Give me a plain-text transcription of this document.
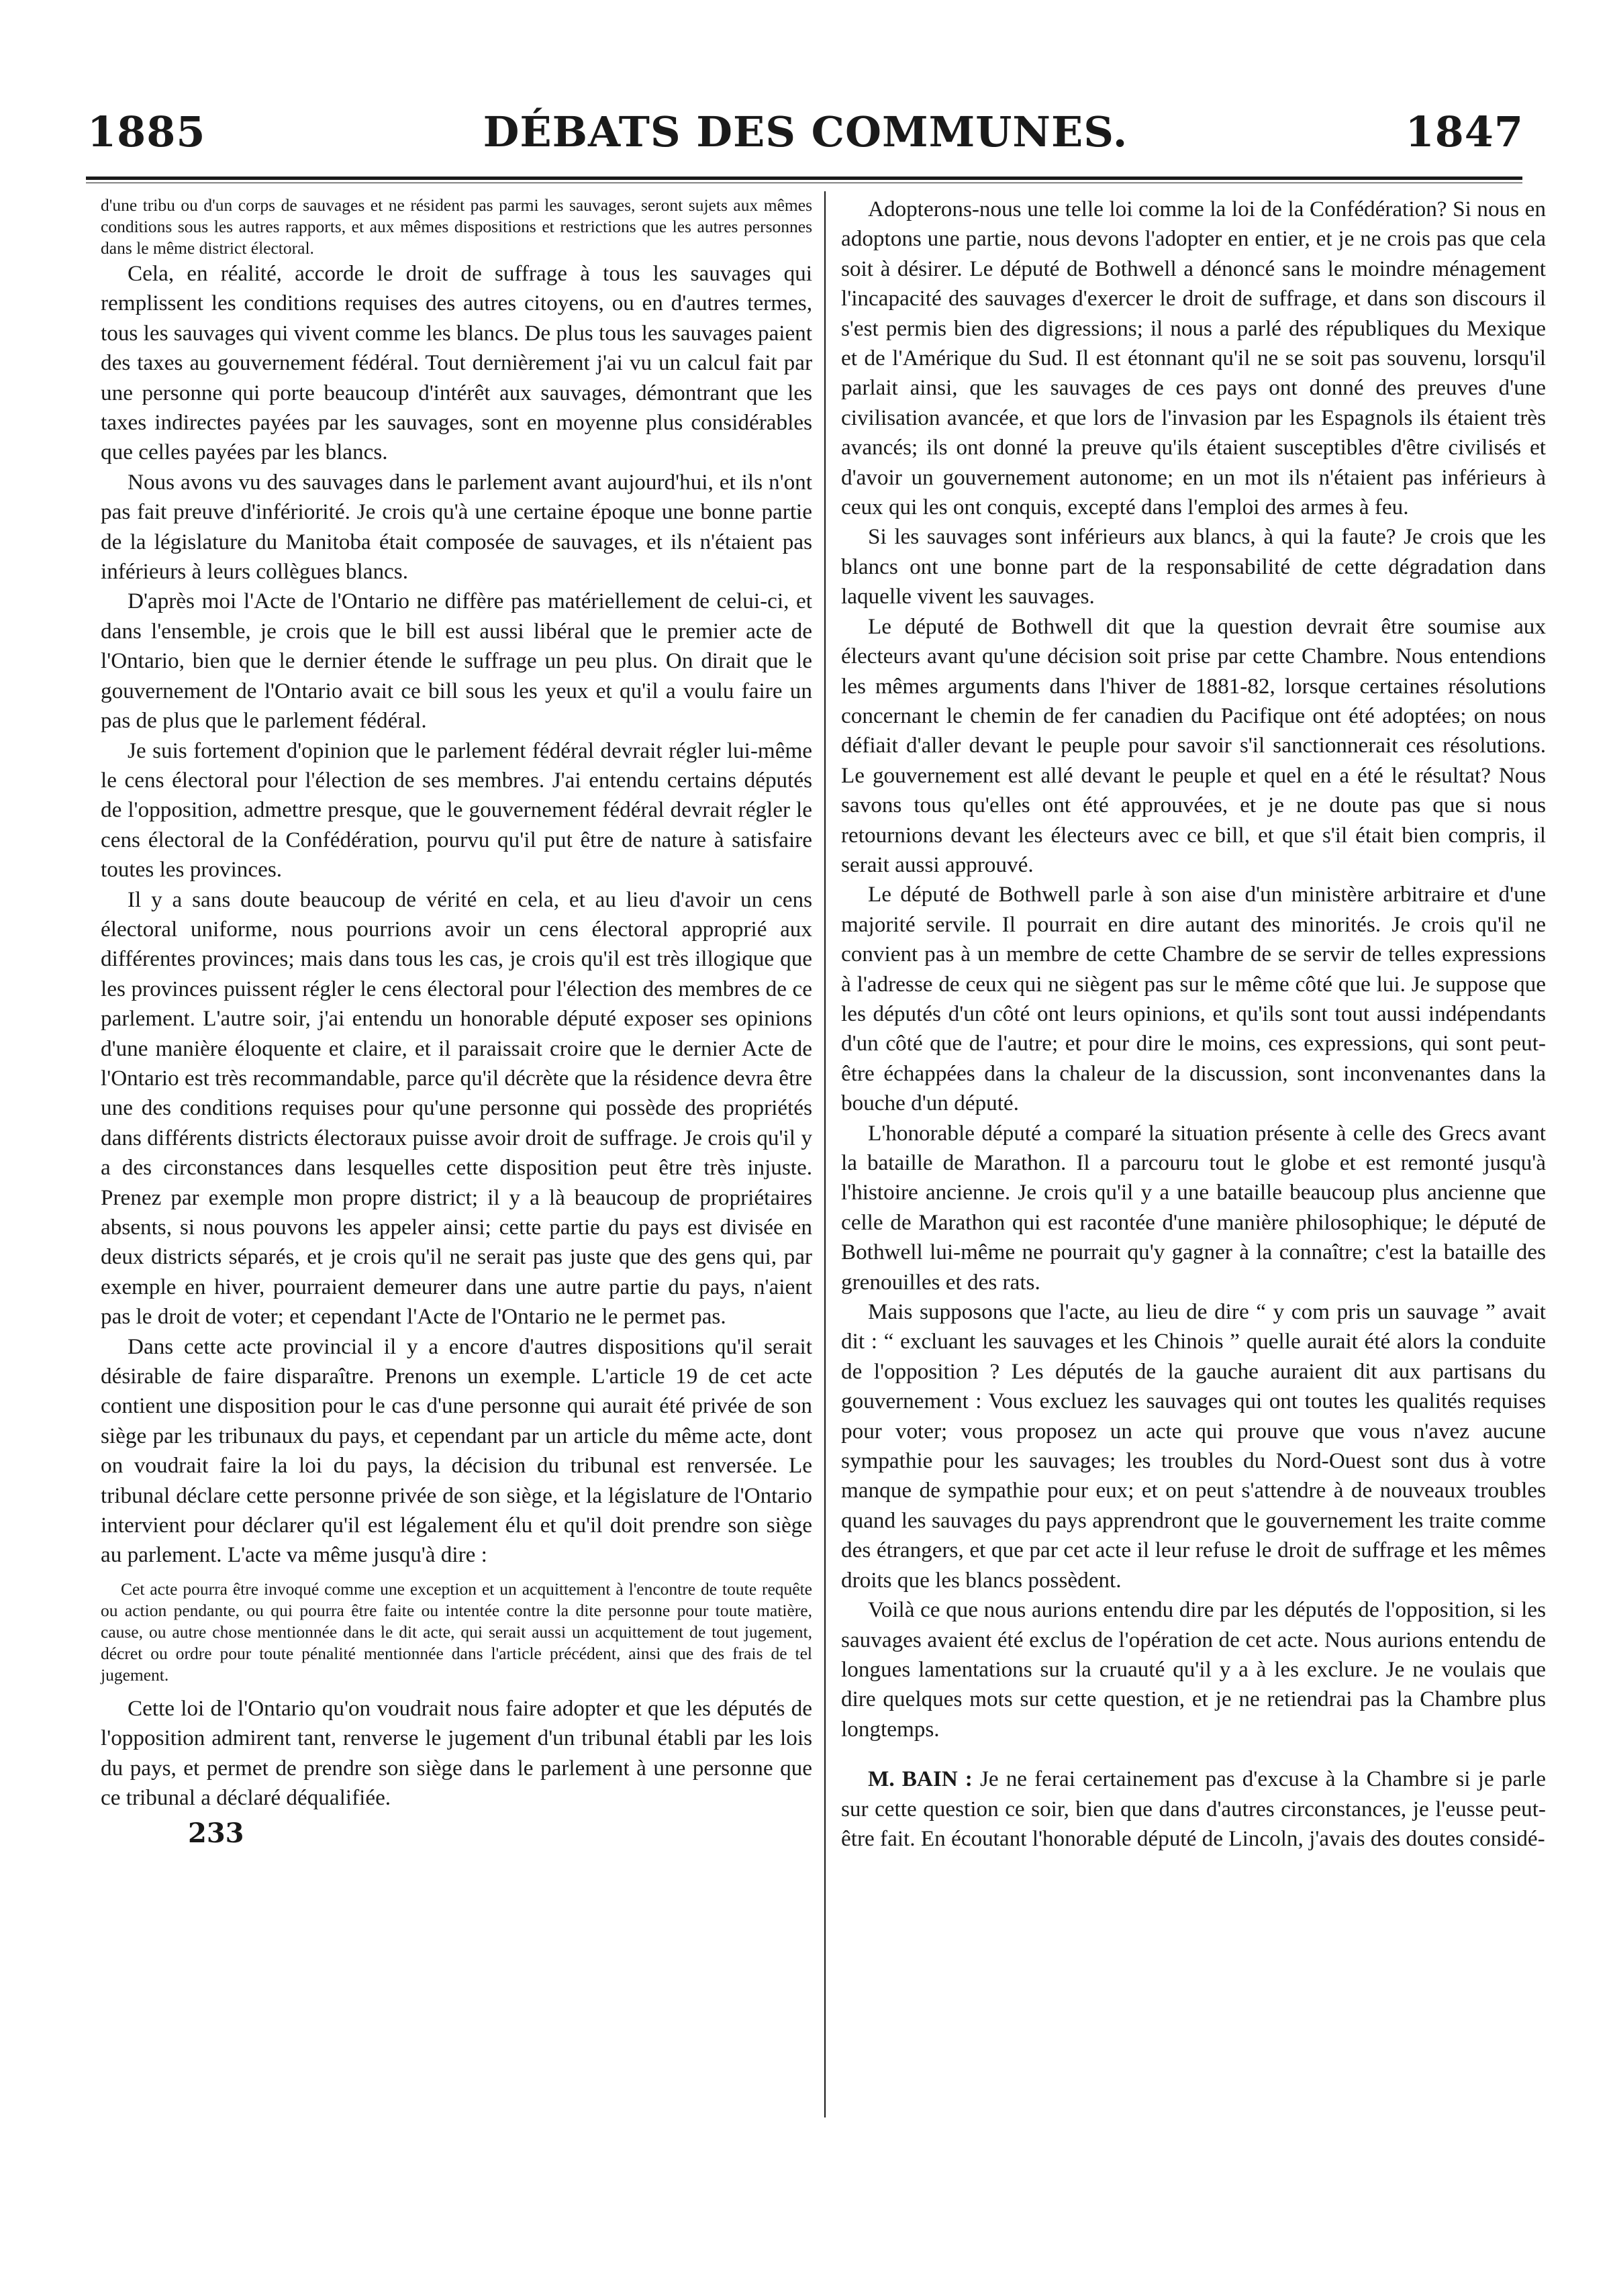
1885	DÉBATS DES COMMUNES.	1847

d'une tribu ou d'un corps de sauvages et ne résident pas parmi les sauvages, seront sujets aux mêmes conditions sous les autres rapports, et aux mêmes dispositions et restrictions que les autres personnes dans le même district électoral.

Cela, en réalité, accorde le droit de suffrage à tous les sauvages qui remplissent les conditions requises des autres citoyens, ou en d'autres termes, tous les sauvages qui vivent comme les blancs. De plus tous les sauvages paient des taxes au gouvernement fédéral. Tout dernièrement j'ai vu un calcul fait par une personne qui porte beaucoup d'intérêt aux sauvages, démontrant que les taxes indirectes payées par les sauvages, sont en moyenne plus considérables que celles payées par les blancs.

Nous avons vu des sauvages dans le parlement avant aujourd'hui, et ils n'ont pas fait preuve d'infériorité. Je crois qu'à une certaine époque une bonne partie de la législature du Manitoba était composée de sauvages, et ils n'étaient pas inférieurs à leurs collègues blancs.

D'après moi l'Acte de l'Ontario ne diffère pas matériellement de celui-ci, et dans l'ensemble, je crois que le bill est aussi libéral que le premier acte de l'Ontario, bien que le dernier étende le suffrage un peu plus. On dirait que le gouvernement de l'Ontario avait ce bill sous les yeux et qu'il a voulu faire un pas de plus que le parlement fédéral.

Je suis fortement d'opinion que le parlement fédéral devrait régler lui-même le cens électoral pour l'élection de ses membres. J'ai entendu certains députés de l'opposition, admettre presque, que le gouvernement fédéral devrait régler le cens électoral de la Confédération, pourvu qu'il put être de nature à satisfaire toutes les provinces.

Il y a sans doute beaucoup de vérité en cela, et au lieu d'avoir un cens électoral uniforme, nous pourrions avoir un cens électoral approprié aux différentes provinces; mais dans tous les cas, je crois qu'il est très illogique que les provinces puissent régler le cens électoral pour l'élection des membres de ce parlement. L'autre soir, j'ai entendu un honorable député exposer ses opinions d'une manière éloquente et claire, et il paraissait croire que le dernier Acte de l'Ontario est très recommandable, parce qu'il décrète que la résidence devra être une des conditions requises pour qu'une personne qui possède des propriétés dans différents districts électoraux puisse avoir droit de suffrage. Je crois qu'il y a des circonstances dans lesquelles cette disposition peut être très injuste. Prenez par exemple mon propre district; il y a là beaucoup de propriétaires absents, si nous pouvons les appeler ainsi; cette partie du pays est divisée en deux districts séparés, et je crois qu'il ne serait pas juste que des gens qui, par exemple en hiver, pourraient demeurer dans une autre partie du pays, n'aient pas le droit de voter; et cependant l'Acte de l'Ontario ne le permet pas.

Dans cette acte provincial il y a encore d'autres dispositions qu'il serait désirable de faire disparaître. Prenons un exemple. L'article 19 de cet acte contient une disposition pour le cas d'une personne qui aurait été privée de son siège par les tribunaux du pays, et cependant par un article du même acte, dont on voudrait faire la loi du pays, la décision du tribunal est renversée. Le tribunal déclare cette personne privée de son siège, et la législature de l'Ontario intervient pour déclarer qu'il est légalement élu et qu'il doit prendre son siège au parlement. L'acte va même jusqu'à dire :

Cet acte pourra être invoqué comme une exception et un acquittement à l'encontre de toute requête ou action pendante, ou qui pourra être faite ou intentée contre la dite personne pour toute matière, cause, ou autre chose mentionnée dans le dit acte, qui serait aussi un acquittement de tout jugement, décret ou ordre pour toute pénalité mentionnée dans l'article précédent, ainsi que des frais de tel jugement.

Cette loi de l'Ontario qu'on voudrait nous faire adopter et que les députés de l'opposition admirent tant, renverse le jugement d'un tribunal établi par les lois du pays, et permet de prendre son siège dans le parlement à une personne que ce tribunal a déclaré déqualifiée.

233

Adopterons-nous une telle loi comme la loi de la Confédération? Si nous en adoptons une partie, nous devons l'adopter en entier, et je ne crois pas que cela soit à désirer. Le député de Bothwell a dénoncé sans le moindre ménagement l'incapacité des sauvages d'exercer le droit de suffrage, et dans son discours il s'est permis bien des digressions; il nous a parlé des républiques du Mexique et de l'Amérique du Sud. Il est étonnant qu'il ne se soit pas souvenu, lorsqu'il parlait ainsi, que les sauvages de ces pays ont donné des preuves d'une civilisation avancée, et que lors de l'invasion par les Espagnols ils étaient très avancés; ils ont donné la preuve qu'ils étaient susceptibles d'être civilisés et d'avoir un gouvernement autonome; en un mot ils n'étaient pas inférieurs à ceux qui les ont conquis, excepté dans l'emploi des armes à feu.

Si les sauvages sont inférieurs aux blancs, à qui la faute? Je crois que les blancs ont une bonne part de la responsabilité de cette dégradation dans laquelle vivent les sauvages.

Le député de Bothwell dit que la question devrait être soumise aux électeurs avant qu'une décision soit prise par cette Chambre. Nous entendions les mêmes arguments dans l'hiver de 1881-82, lorsque certaines résolutions concernant le chemin de fer canadien du Pacifique ont été adoptées; on nous défiait d'aller devant le peuple pour savoir s'il sanctionnerait ces résolutions. Le gouvernement est allé devant le peuple et quel en a été le résultat? Nous savons tous qu'elles ont été approuvées, et je ne doute pas que si nous retournions devant les électeurs avec ce bill, et que s'il était bien compris, il serait aussi approuvé.

Le député de Bothwell parle à son aise d'un ministère arbitraire et d'une majorité servile. Il pourrait en dire autant des minorités. Je crois qu'il ne convient pas à un membre de cette Chambre de se servir de telles expressions à l'adresse de ceux qui ne siègent pas sur le même côté que lui. Je suppose que les députés d'un côté ont leurs opinions, et qu'ils sont tout aussi indépendants d'un côté que de l'autre; et pour dire le moins, ces expressions, qui sont peut-être échappées dans la chaleur de la discussion, sont inconvenantes dans la bouche d'un député.

L'honorable député a comparé la situation présente à celle des Grecs avant la bataille de Marathon. Il a parcouru tout le globe et est remonté jusqu'à l'histoire ancienne. Je crois qu'il y a une bataille beaucoup plus ancienne que celle de Marathon qui est racontée d'une manière philosophique; le député de Bothwell lui-même ne pourrait qu'y gagner à la connaître; c'est la bataille des grenouilles et des rats.

Mais supposons que l'acte, au lieu de dire “ y com pris un sauvage ” avait dit : “ excluant les sauvages et les Chinois ” quelle aurait été alors la conduite de l'opposition ? Les députés de la gauche auraient dit aux partisans du gouvernement : Vous excluez les sauvages qui ont toutes les qualités requises pour voter; vous proposez un acte qui prouve que vous n'avez aucune sympathie pour les sauvages; les troubles du Nord-Ouest sont dus à votre manque de sympathie pour eux; et on peut s'attendre à de nouveaux troubles quand les sauvages du pays apprendront que le gouvernement les traite comme des étrangers, et que par cet acte il leur refuse le droit de suffrage et les mêmes droits que les blancs possèdent.

Voilà ce que nous aurions entendu dire par les députés de l'opposition, si les sauvages avaient été exclus de l'opération de cet acte. Nous aurions entendu de longues lamentations sur la cruauté qu'il y a à les exclure. Je ne voulais que dire quelques mots sur cette question, et je ne retiendrai pas la Chambre plus longtemps.

M. BAIN : Je ne ferai certainement pas d'excuse à la Chambre si je parle sur cette question ce soir, bien que dans d'autres circonstances, je l'eusse peut-être fait. En écoutant l'honorable député de Lincoln, j'avais des doutes considé-
